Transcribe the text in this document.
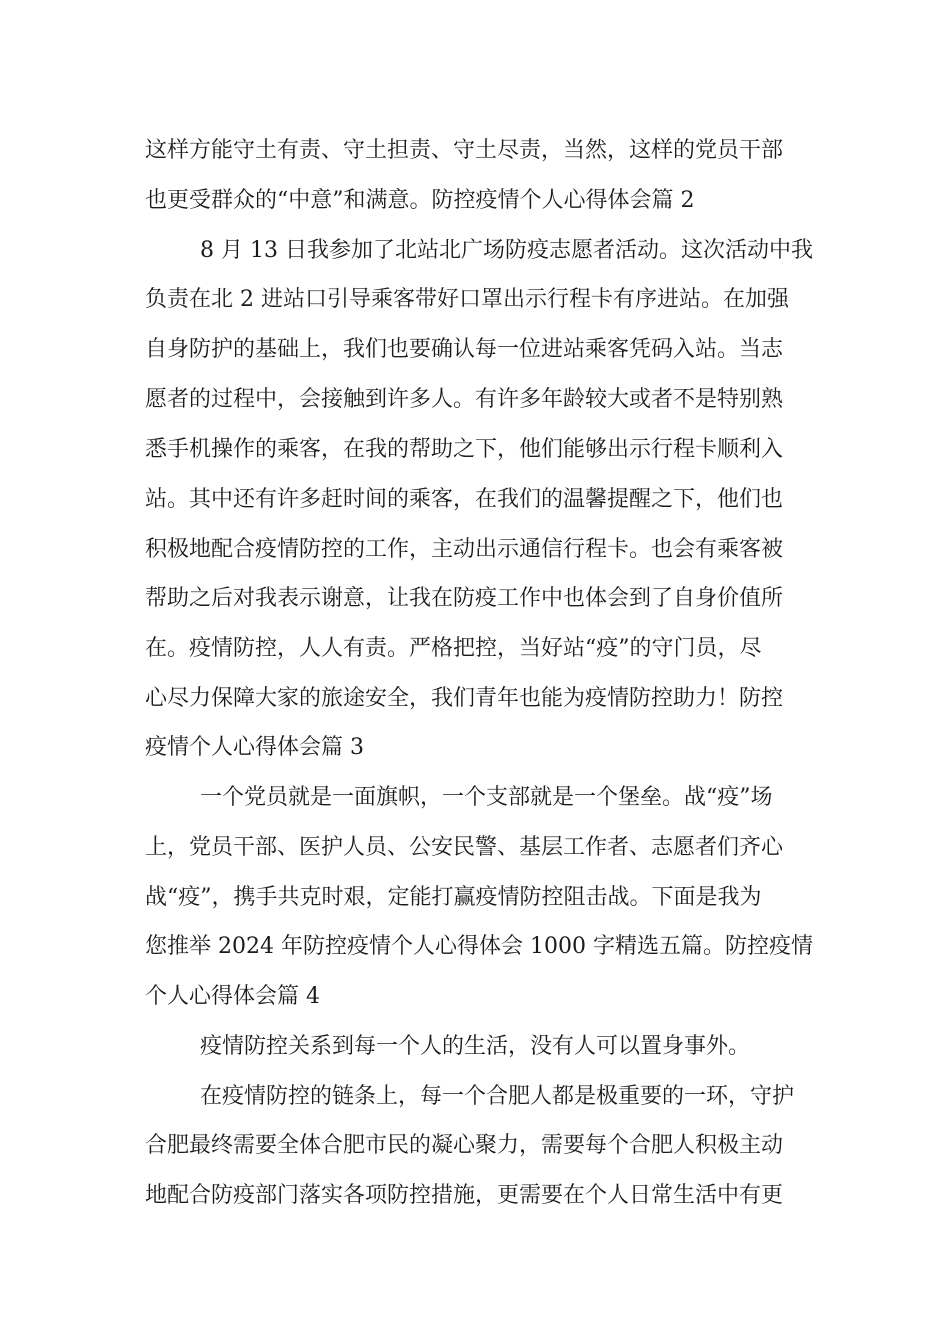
这样方能守土有责、守土担责、守土尽责，当然，这样的党员干部
也更受群众的“中意”和满意。防控疫情个人心得体会篇 2
8 月 13 日我参加了北站北广场防疫志愿者活动。这次活动中我
负责在北 2 进站口引导乘客带好口罩出示行程卡有序进站。在加强
自身防护的基础上，我们也要确认每一位进站乘客凭码入站。当志
愿者的过程中，会接触到许多人。有许多年龄较大或者不是特别熟
悉手机操作的乘客，在我的帮助之下，他们能够出示行程卡顺利入
站。其中还有许多赶时间的乘客，在我们的温馨提醒之下，他们也
积极地配合疫情防控的工作，主动出示通信行程卡。也会有乘客被
帮助之后对我表示谢意，让我在防疫工作中也体会到了自身价值所
在。疫情防控，人人有责。严格把控，当好站“疫”的守门员，尽
心尽力保障大家的旅途安全，我们青年也能为疫情防控助力！防控
疫情个人心得体会篇 3
一个党员就是一面旗帜，一个支部就是一个堡垒。战“疫”场
上，党员干部、医护人员、公安民警、基层工作者、志愿者们齐心
战“疫”，携手共克时艰，定能打赢疫情防控阻击战。下面是我为
您推举 2024 年防控疫情个人心得体会 1000 字精选五篇。防控疫情
个人心得体会篇 4
疫情防控关系到每一个人的生活，没有人可以置身事外。
在疫情防控的链条上，每一个合肥人都是极重要的一环，守护
合肥最终需要全体合肥市民的凝心聚力，需要每个合肥人积极主动
地配合防疫部门落实各项防控措施，更需要在个人日常生活中有更
